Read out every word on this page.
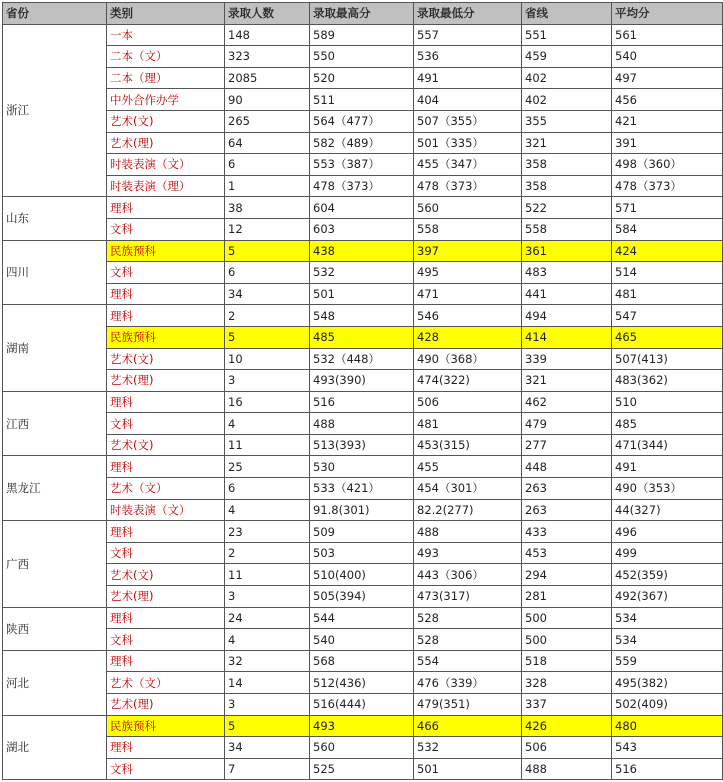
省份	类别	录取人数	录取最高分	录取最低分	省线	平均分
浙江	一本	148	589	557	551	561
	二本（文）	323	550	536	459	540
	二本（理）	2085	520	491	402	497
	中外合作办学	90	511	404	402	456
	艺术(文)	265	564（477）	507（355）	355	421
	艺术(理)	64	582（489）	501（335）	321	391
	时装表演（文）	6	553（387）	455（347）	358	498（360）
	时装表演（理）	1	478（373）	478（373）	358	478（373）
山东	理科	38	604	560	522	571
	文科	12	603	558	558	584
四川	民族预科	5	438	397	361	424
	文科	6	532	495	483	514
	理科	34	501	471	441	481
湖南	理科	2	548	546	494	547
	民族预科	5	485	428	414	465
	艺术(文)	10	532（448）	490（368）	339	507(413)
	艺术(理)	3	493(390)	474(322)	321	483(362)
江西	理科	16	516	506	462	510
	文科	4	488	481	479	485
	艺术(文)	11	513(393)	453(315)	277	471(344)
黑龙江	理科	25	530	455	448	491
	艺术（文）	6	533（421）	454（301）	263	490（353）
	时装表演（文）	4	91.8(301)	82.2(277)	263	44(327)
广西	理科	23	509	488	433	496
	文科	2	503	493	453	499
	艺术(文)	11	510(400)	443（306）	294	452(359)
	艺术(理)	3	505(394)	473(317)	281	492(367)
陕西	理科	24	544	528	500	534
	文科	4	540	528	500	534
河北	理科	32	568	554	518	559
	艺术（文）	14	512(436)	476（339）	328	495(382)
	艺术(理)	3	516(444)	479(351)	337	502(409)
湖北	民族预科	5	493	466	426	480
	理科	34	560	532	506	543
	文科	7	525	501	488	516
